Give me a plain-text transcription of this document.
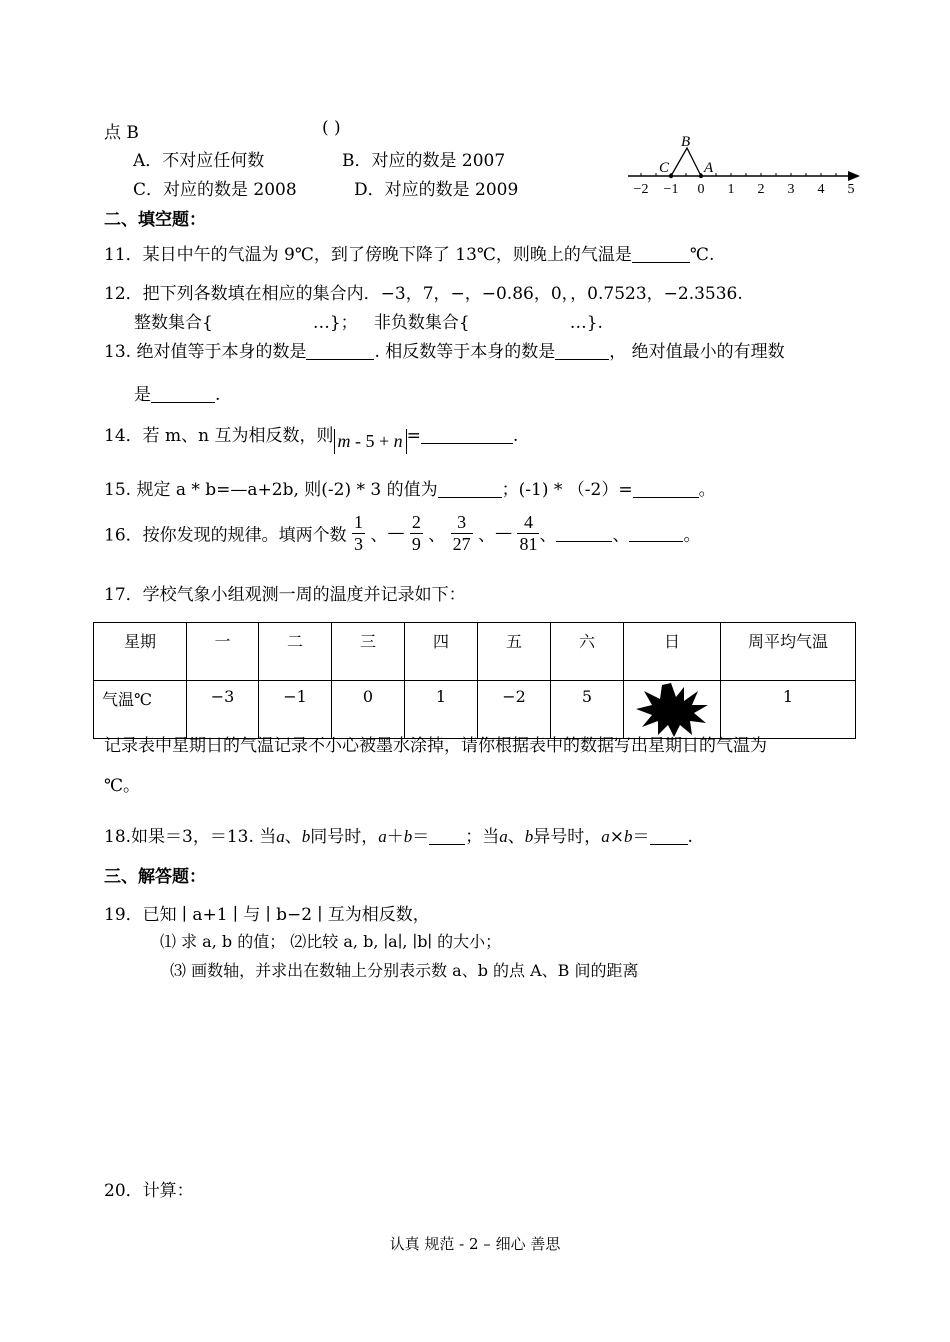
点 B	( )
A．不对应任何数	B．对应的数是 2007
C．对应的数是 2008	D．对应的数是 2009	−2 −1 0 1 2 3 4 5
B
C A
二、填空题：
11．某日中午的气温为 9℃，到了傍晚下降了 13℃，则晚上的气温是	℃.
12．把下列各数填在相应的集合内．−3，7，−，−0.86，0，，0.7523，−2.3536.
整数集合{	…}； 非负数集合{	…}.
13. 绝对值等于本身的数是	. 相反数等于本身的数是	， 绝对值最小的有理数
是	.
14．若 m、n 互为相反数，则 m - 5 + n =	.
15. 规定 a * b=—a+2b, 则(-2) * 3 的值为	；(-1) * （-2）=	。
16．按你发现的规律。填两个数 $\frac{1}{3}$ 、— $\frac{2}{9}$ 、 $\frac{3}{27}$ 、— $\frac{4}{81}$ 、	、	。
17．学校气象小组观测一周的温度并记录如下：
星期	一	二	三	四	五	六	日	周平均气温
气温℃	−3	−1	0	1	−2	5		1
记录表中星期日的气温记录不小心被墨水涂掉，请你根据表中的数据写出星期日的气温为
℃。
18.如果＝3，＝13. 当a、b同号时，a＋b＝ ；当a、b异号时，a×b＝ .
三、解答题：
19．已知 ∣ a+1 ∣ 与 ∣ b−2 ∣ 互为相反数，
⑴ 求 a, b 的值； ⑵比较 a, b, ∣a∣, ∣b∣ 的大小；
⑶ 画数轴，并求出在数轴上分别表示数 a、b 的点 A、B 间的距离
20．计算：
认真 规范 - 2 – 细心 善思
